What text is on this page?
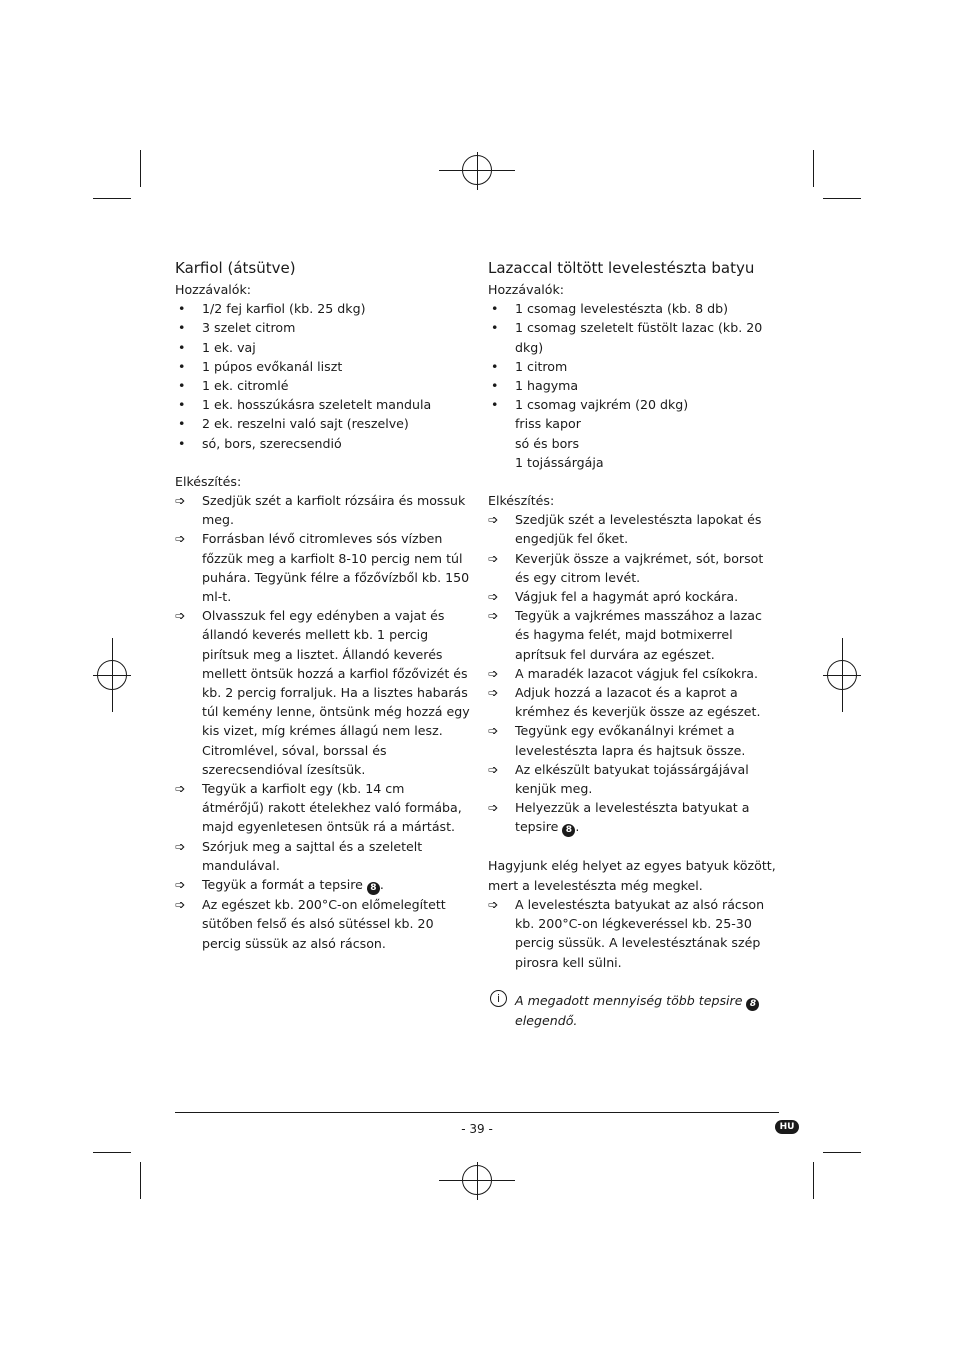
Karfiol (átsütve)

Hozzávalók:

• 1/2 fej karfiol (kb. 25 dkg)
• 3 szelet citrom
• 1 ek. vaj
• 1 púpos evőkanál liszt
• 1 ek. citromlé
• 1 ek. hosszúkásra szeletelt mandula
• 2 ek. reszelni való sajt (reszelve)
• só, bors, szerecsendió

Elkészítés:

➩ Szedjük szét a karfiolt rózsáira és mossuk meg.
➩ Forrásban lévő citromleves sós vízben főzzük meg a karfiolt 8-10 percig nem túl puhára. Tegyünk félre a főzővízből kb. 150 ml-t.
➩ Olvasszuk fel egy edényben a vajat és állandó keverés mellett kb. 1 percig pirítsuk meg a lisztet. Állandó keverés mellett öntsük hozzá a karfiol főzővizét és kb. 2 percig forraljuk. Ha a lisztes habarás túl kemény lenne, öntsünk még hozzá egy kis vizet, míg krémes állagú nem lesz. Citromlével, sóval, borssal és szerecsendióval ízesítsük.
➩ Tegyük a karfiolt egy (kb. 14 cm átmérőjű) rakott ételekhez való formába, majd egyenletesen öntsük rá a mártást.
➩ Szórjuk meg a sajttal és a szeletelt mandulával.
➩ Tegyük a formát a tepsire 8 .
➩ Az egészet kb. 200°C-on előmelegített sütőben felső és alsó sütéssel kb. 20 percig süssük az alsó rácson.
Lazaccal töltött levelestészta batyu

Hozzávalók:

• 1 csomag levelestészta (kb. 8 db)
• 1 csomag szeletelt füstölt lazac (kb. 20 dkg)
• 1 citrom
• 1 hagyma
• 1 csomag vajkrém (20 dkg)
friss kapor
só és bors
1 tojássárgája

Elkészítés:

➩ Szedjük szét a levelestészta lapokat és engedjük fel őket.
➩ Keverjük össze a vajkrémet, sót, borsot és egy citrom levét.
➩ Vágjuk fel a hagymát apró kockára.
➩ Tegyük a vajkrémes masszához a lazac és hagyma felét, majd botmixerrel aprítsuk fel durvára az egészet.
➩ A maradék lazacot vágjuk fel csíkokra.
➩ Adjuk hozzá a lazacot és a kaprot a krémhez és keverjük össze az egészet.
➩ Tegyünk egy evőkanálnyi krémet a levelestészta lapra és hajtsuk össze.
➩ Az elkészült batyukat tojássárgájával kenjük meg.
➩ Helyezzük a levelestészta batyukat a tepsire 8 .

Hagyjunk elég helyet az egyes batyuk között, mert a levelestészta még megkel.

➩ A levelestészta batyukat az alsó rácson kb. 200°C-on légkeveréssel kb. 25-30 percig süssük. A levelestésztának szép pirosra kell sülni.
i	A megadott mennyiség több tepsire 8 elegendő.
- 39 -	HU
